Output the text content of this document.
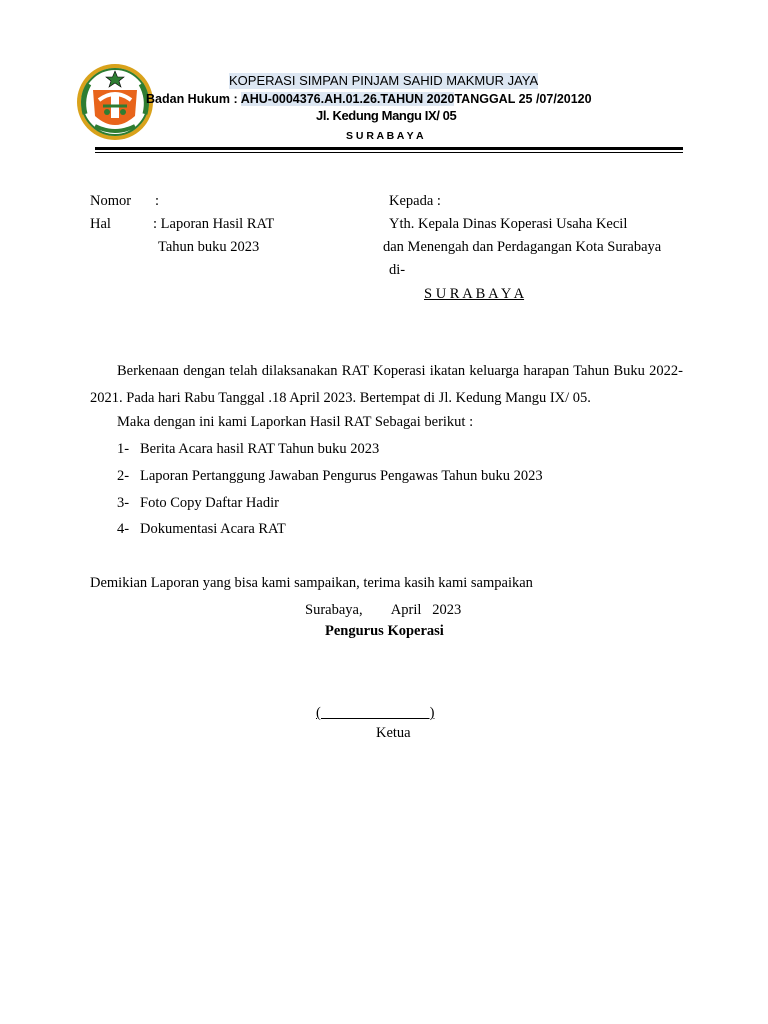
KOPERASI SIMPAN PINJAM SAHID MAKMUR JAYA
Badan Hukum : AHU-0004376.AH.01.26.TAHUN 2020TANGGAL 25 /07/20120
Jl. Kedung Mangu IX/ 05
S U R A B A Y A
Nomor :
Hal	: Laporan Hasil RAT
Tahun buku 2023
Kepada :
Yth. Kepala Dinas Koperasi Usaha Kecil
dan Menengah dan Perdagangan Kota Surabaya
di-
S U R A B A Y A
Berkenaan dengan telah dilaksanakan RAT Koperasi ikatan keluarga harapan Tahun Buku 2022-2021. Pada hari Rabu Tanggal .18 April 2023. Bertempat di Jl. Kedung Mangu IX/ 05.
Maka dengan ini kami Laporkan Hasil RAT Sebagai berikut :
1- Berita Acara hasil RAT Tahun buku 2023
2- Laporan Pertanggung Jawaban Pengurus Pengawas Tahun buku 2023
3- Foto Copy Daftar Hadir
4- Dokumentasi Acara RAT
Demikian Laporan yang bisa kami sampaikan, terima kasih kami sampaikan
Surabaya,        April   2023
Pengurus Koperasi
(                              )
Ketua
